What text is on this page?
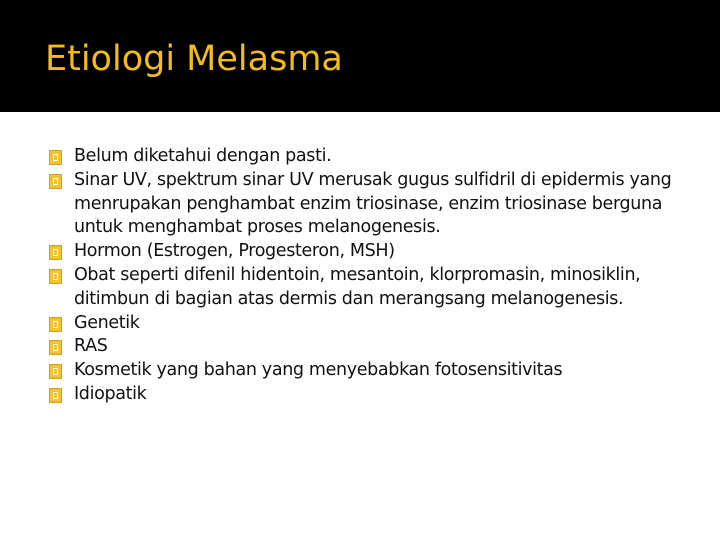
Etiologi Melasma
Belum diketahui dengan pasti.
Sinar UV, spektrum sinar UV merusak gugus sulfidril di epidermis yang menrupakan penghambat enzim triosinase, enzim triosinase berguna untuk menghambat proses melanogenesis.
Hormon (Estrogen, Progesteron, MSH)
Obat seperti difenil hidentoin, mesantoin, klorpromasin, minosiklin, ditimbun di bagian atas dermis dan merangsang melanogenesis.
Genetik
RAS
Kosmetik yang bahan yang menyebabkan fotosensitivitas
Idiopatik
